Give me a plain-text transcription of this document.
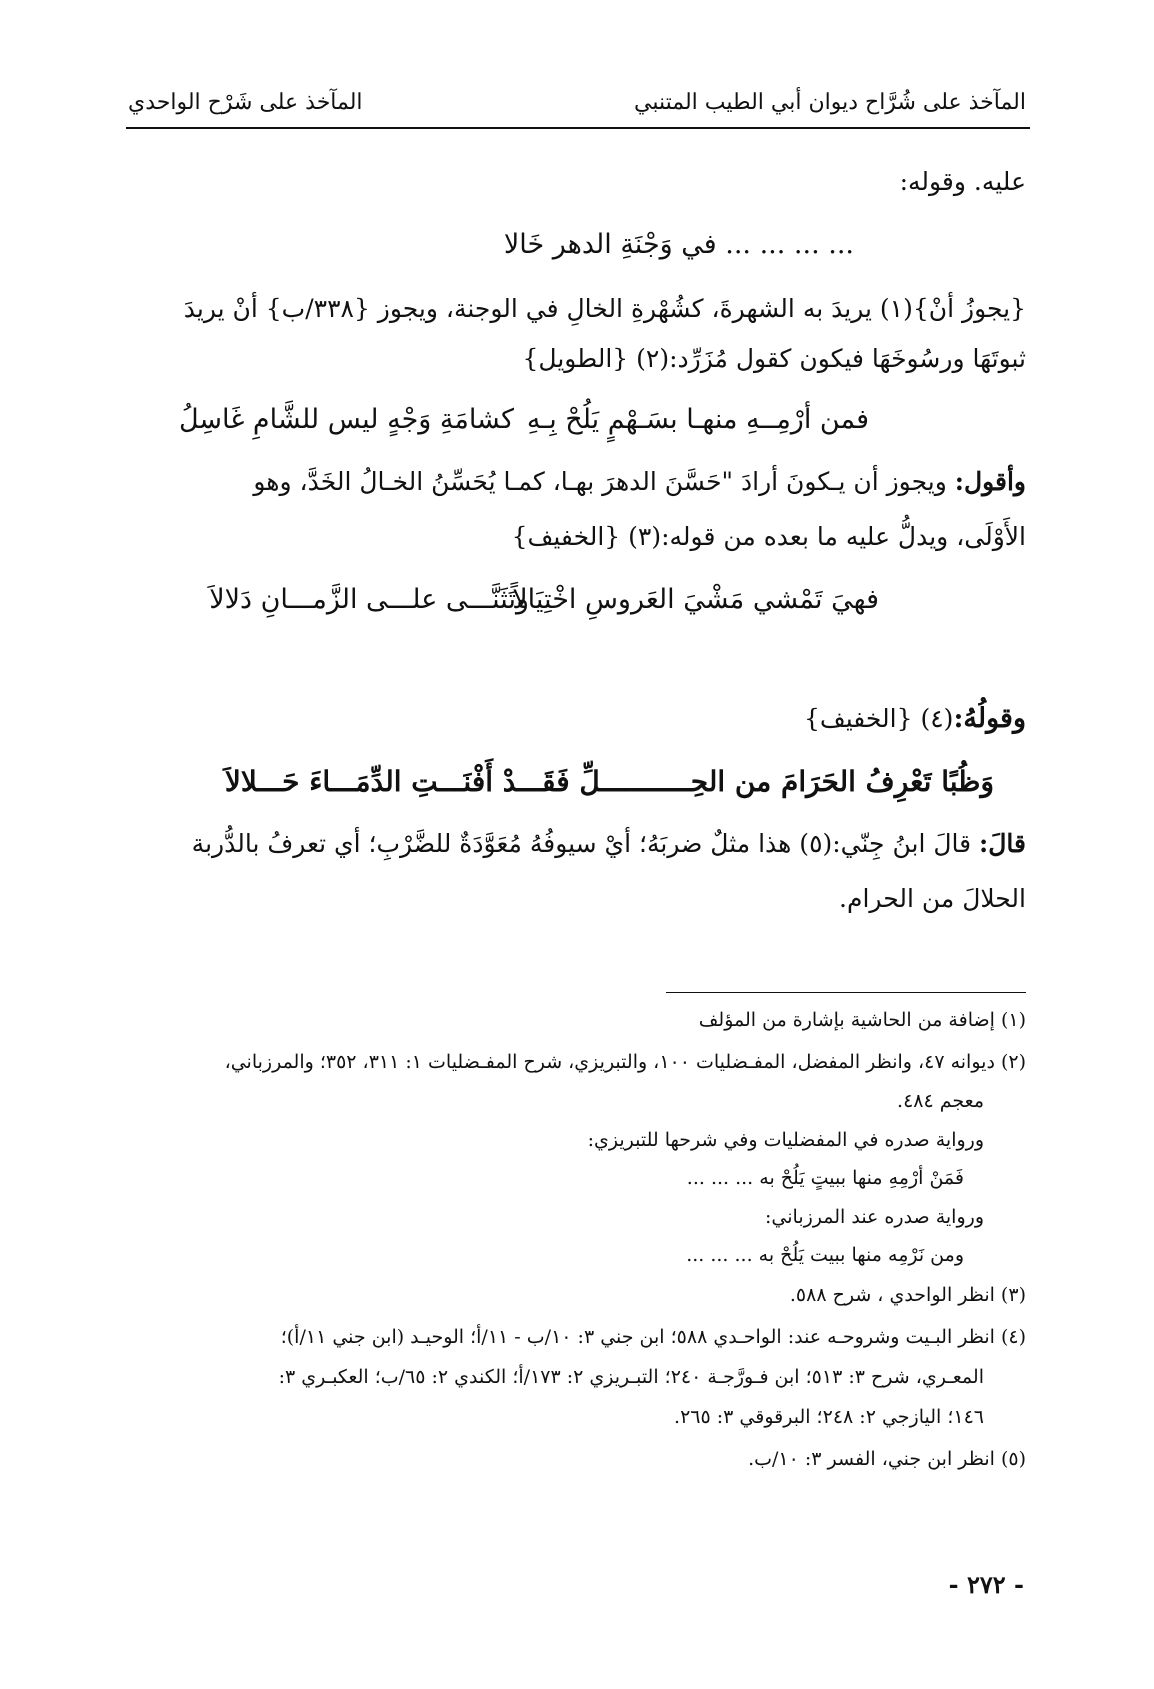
المآخذ على شُرَّاح ديوان أبي الطيب المتنبي
المآخذ على شَرْح الواحدي
عليه. وقوله:
... ... ... ... في وَجْنَةِ الدهر خَالا
{يجوزُ أنْ}(١) يريدَ به الشهرةَ، كشُهْرةِ الخالِ في الوجنة، ويجوز {٣٣٨/ب} أنْ يريدَ
ثبوتَهَا ورسُوخَهَا فيكون كقول مُزَرِّد:(٢) {الطويل}
فمن أرْمِــهِ منهـا بسَـهْمٍ يَلُحْ بِـهِ
كشامَةِ وَجْهٍ ليس للشَّامِ غَاسِلُ
وأقول: ويجوز أن يـكونَ أرادَ "حَسَّنَ الدهرَ بهـا، كمـا يُحَسِّنُ الخـالُ الخَدَّ، وهو
الأَوْلَى، ويدلُّ عليه ما بعده من قوله:(٣) {الخفيف}
فهيَ تَمْشي مَشْيَ العَروسِ اخْتِيَالاً
وتَثَنَّـــى علـــى الزَّمـــانِ دَلالاَ
وقولُهُ:(٤) {الخفيف}
وَظُبًا تَعْرِفُ الحَرَامَ من الحِـــــــــــلِّ فَقَـــدْ أَفْنَـــتِ الدِّمَـــاءَ حَـــلالاَ
قالَ: قالَ ابنُ جِنّي:(٥) هذا مثلٌ ضربَهُ؛ أيْ سيوفُهُ مُعَوَّدَةٌ للضَّرْبِ؛ أي تعرفُ بالدُّربة
الحلالَ من الحرام.
(١) إضافة من الحاشية بإشارة من المؤلف
(٢) ديوانه ٤٧، وانظر المفضل، المفـضليات ١٠٠، والتبريزي، شرح المفـضليات ١: ٣١١، ٣٥٢؛ والمرزباني،
معجم ٤٨٤.
ورواية صدره في المفضليات وفي شرحها للتبريزي:
فَمَنْ أرْمِهِ منها ببيتٍ يَلُحْ به ... ... ...
ورواية صدره عند المرزباني:
ومن نَرْمِه منها ببيت يَلُحْ به ... ... ...
(٣) انظر الواحدي ، شرح ٥٨٨.
(٤) انظر البـيت وشروحـه عند: الواحـدي ٥٨٨؛ ابن جني ٣: ١٠/ب - ١١/أ؛ الوحيـد (ابن جني ١١/أ)؛
المعـري، شرح ٣: ٥١٣؛ ابن فـورَّجـة ٢٤٠؛ التبـريزي ٢: ١٧٣/أ؛ الكندي ٢: ٦٥/ب؛ العكبـري ٣:
١٤٦؛ اليازجي ٢: ٢٤٨؛ البرقوقي ٣: ٢٦٥.
(٥) انظر ابن جني، الفسر ٣: ١٠/ب.
- ٢٧٢ -
